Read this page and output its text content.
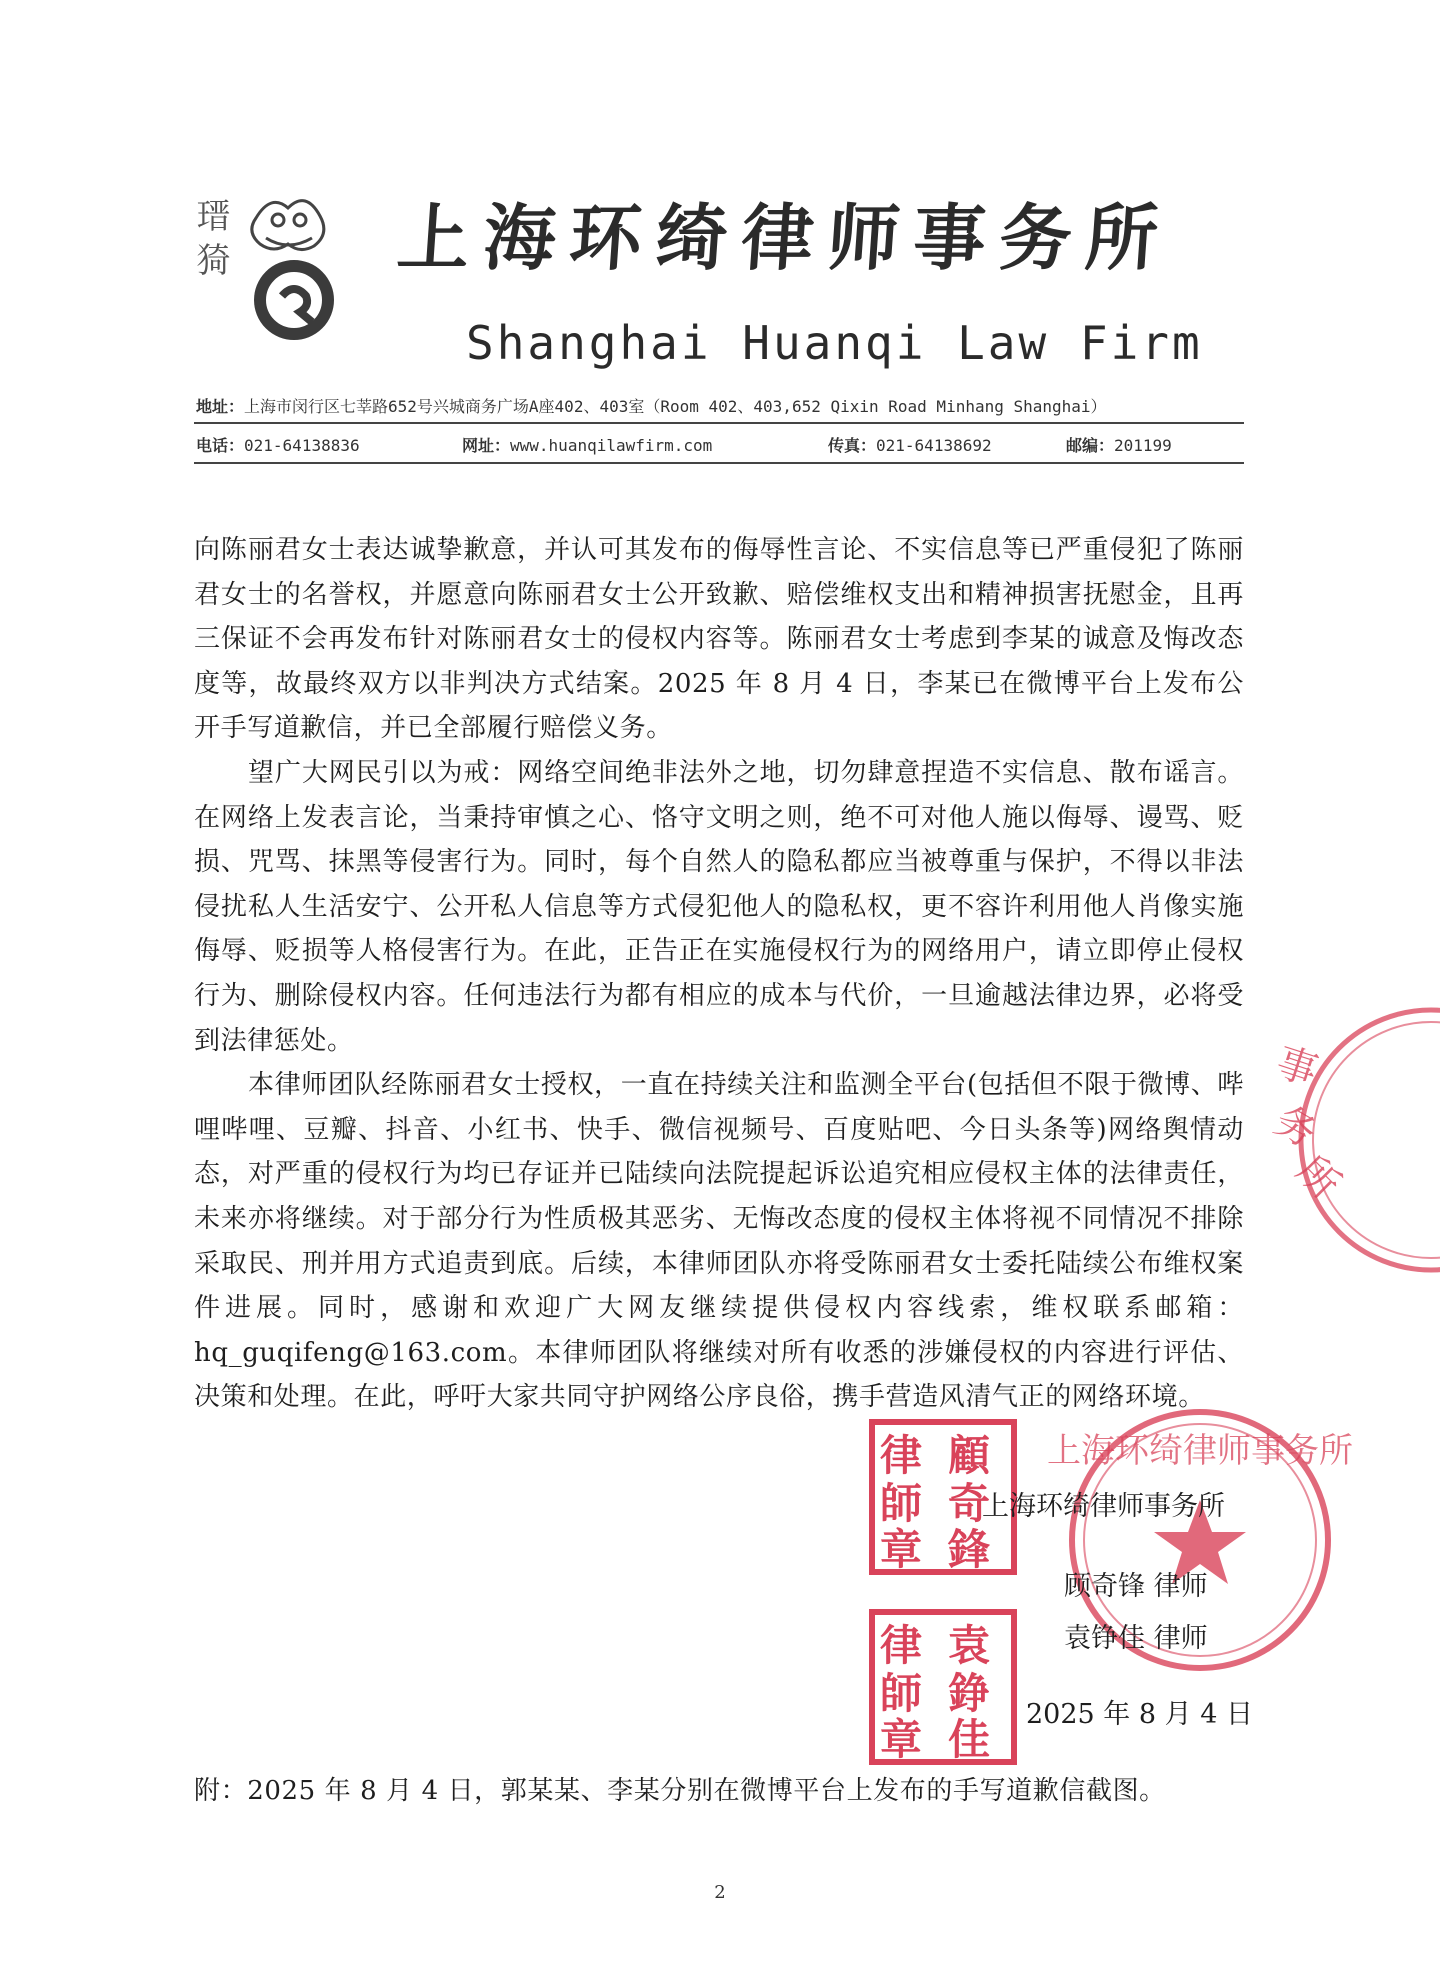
瑨猗 上海环绮律师事务所
Shanghai Huanqi Law Firm
地址：上海市闵行区七莘路652号兴城商务广场A座402、403室（Room 402、403,652 Qixin Road Minhang Shanghai）
电话：021-64138836	网址：www.huanqilawfirm.com	传真：021-64138692	邮编：201199

向陈丽君女士表达诚挚歉意，并认可其发布的侮辱性言论、不实信息等已严重侵犯了陈丽君女士的名誉权，并愿意向陈丽君女士公开致歉、赔偿维权支出和精神损害抚慰金，且再三保证不会再发布针对陈丽君女士的侵权内容等。陈丽君女士考虑到李某的诚意及悔改态度等，故最终双方以非判决方式结案。2025 年 8 月 4 日，李某已在微博平台上发布公开手写道歉信，并已全部履行赔偿义务。

望广大网民引以为戒：网络空间绝非法外之地，切勿肆意捏造不实信息、散布谣言。在网络上发表言论，当秉持审慎之心、恪守文明之则，绝不可对他人施以侮辱、谩骂、贬损、咒骂、抹黑等侵害行为。同时，每个自然人的隐私都应当被尊重与保护，不得以非法侵扰私人生活安宁、公开私人信息等方式侵犯他人的隐私权，更不容许利用他人肖像实施侮辱、贬损等人格侵害行为。在此，正告正在实施侵权行为的网络用户，请立即停止侵权行为、删除侵权内容。任何违法行为都有相应的成本与代价，一旦逾越法律边界，必将受到法律惩处。

本律师团队经陈丽君女士授权，一直在持续关注和监测全平台(包括但不限于微博、哔哩哔哩、豆瓣、抖音、小红书、快手、微信视频号、百度贴吧、今日头条等)网络舆情动态，对严重的侵权行为均已存证并已陆续向法院提起诉讼追究相应侵权主体的法律责任，未来亦将继续。对于部分行为性质极其恶劣、无悔改态度的侵权主体将视不同情况不排除采取民、刑并用方式追责到底。后续，本律师团队亦将受陈丽君女士委托陆续公布维权案件进展。同时，感谢和欢迎广大网友继续提供侵权内容线索，维权联系邮箱：hq_guqifeng@163.com。本律师团队将继续对所有收悉的涉嫌侵权的内容进行评估、决策和处理。在此，呼吁大家共同守护网络公序良俗，携手营造风清气正的网络环境。

事
务
所
上海环绮律师事务所
律 顧
師 奇
章 鋒
律 袁
師 錚
章 佳
上海环绮律师事务所
顾奇锋 律师
袁铮佳 律师
2025 年 8 月 4 日
附：2025 年 8 月 4 日，郭某某、李某分别在微博平台上发布的手写道歉信截图。
2
